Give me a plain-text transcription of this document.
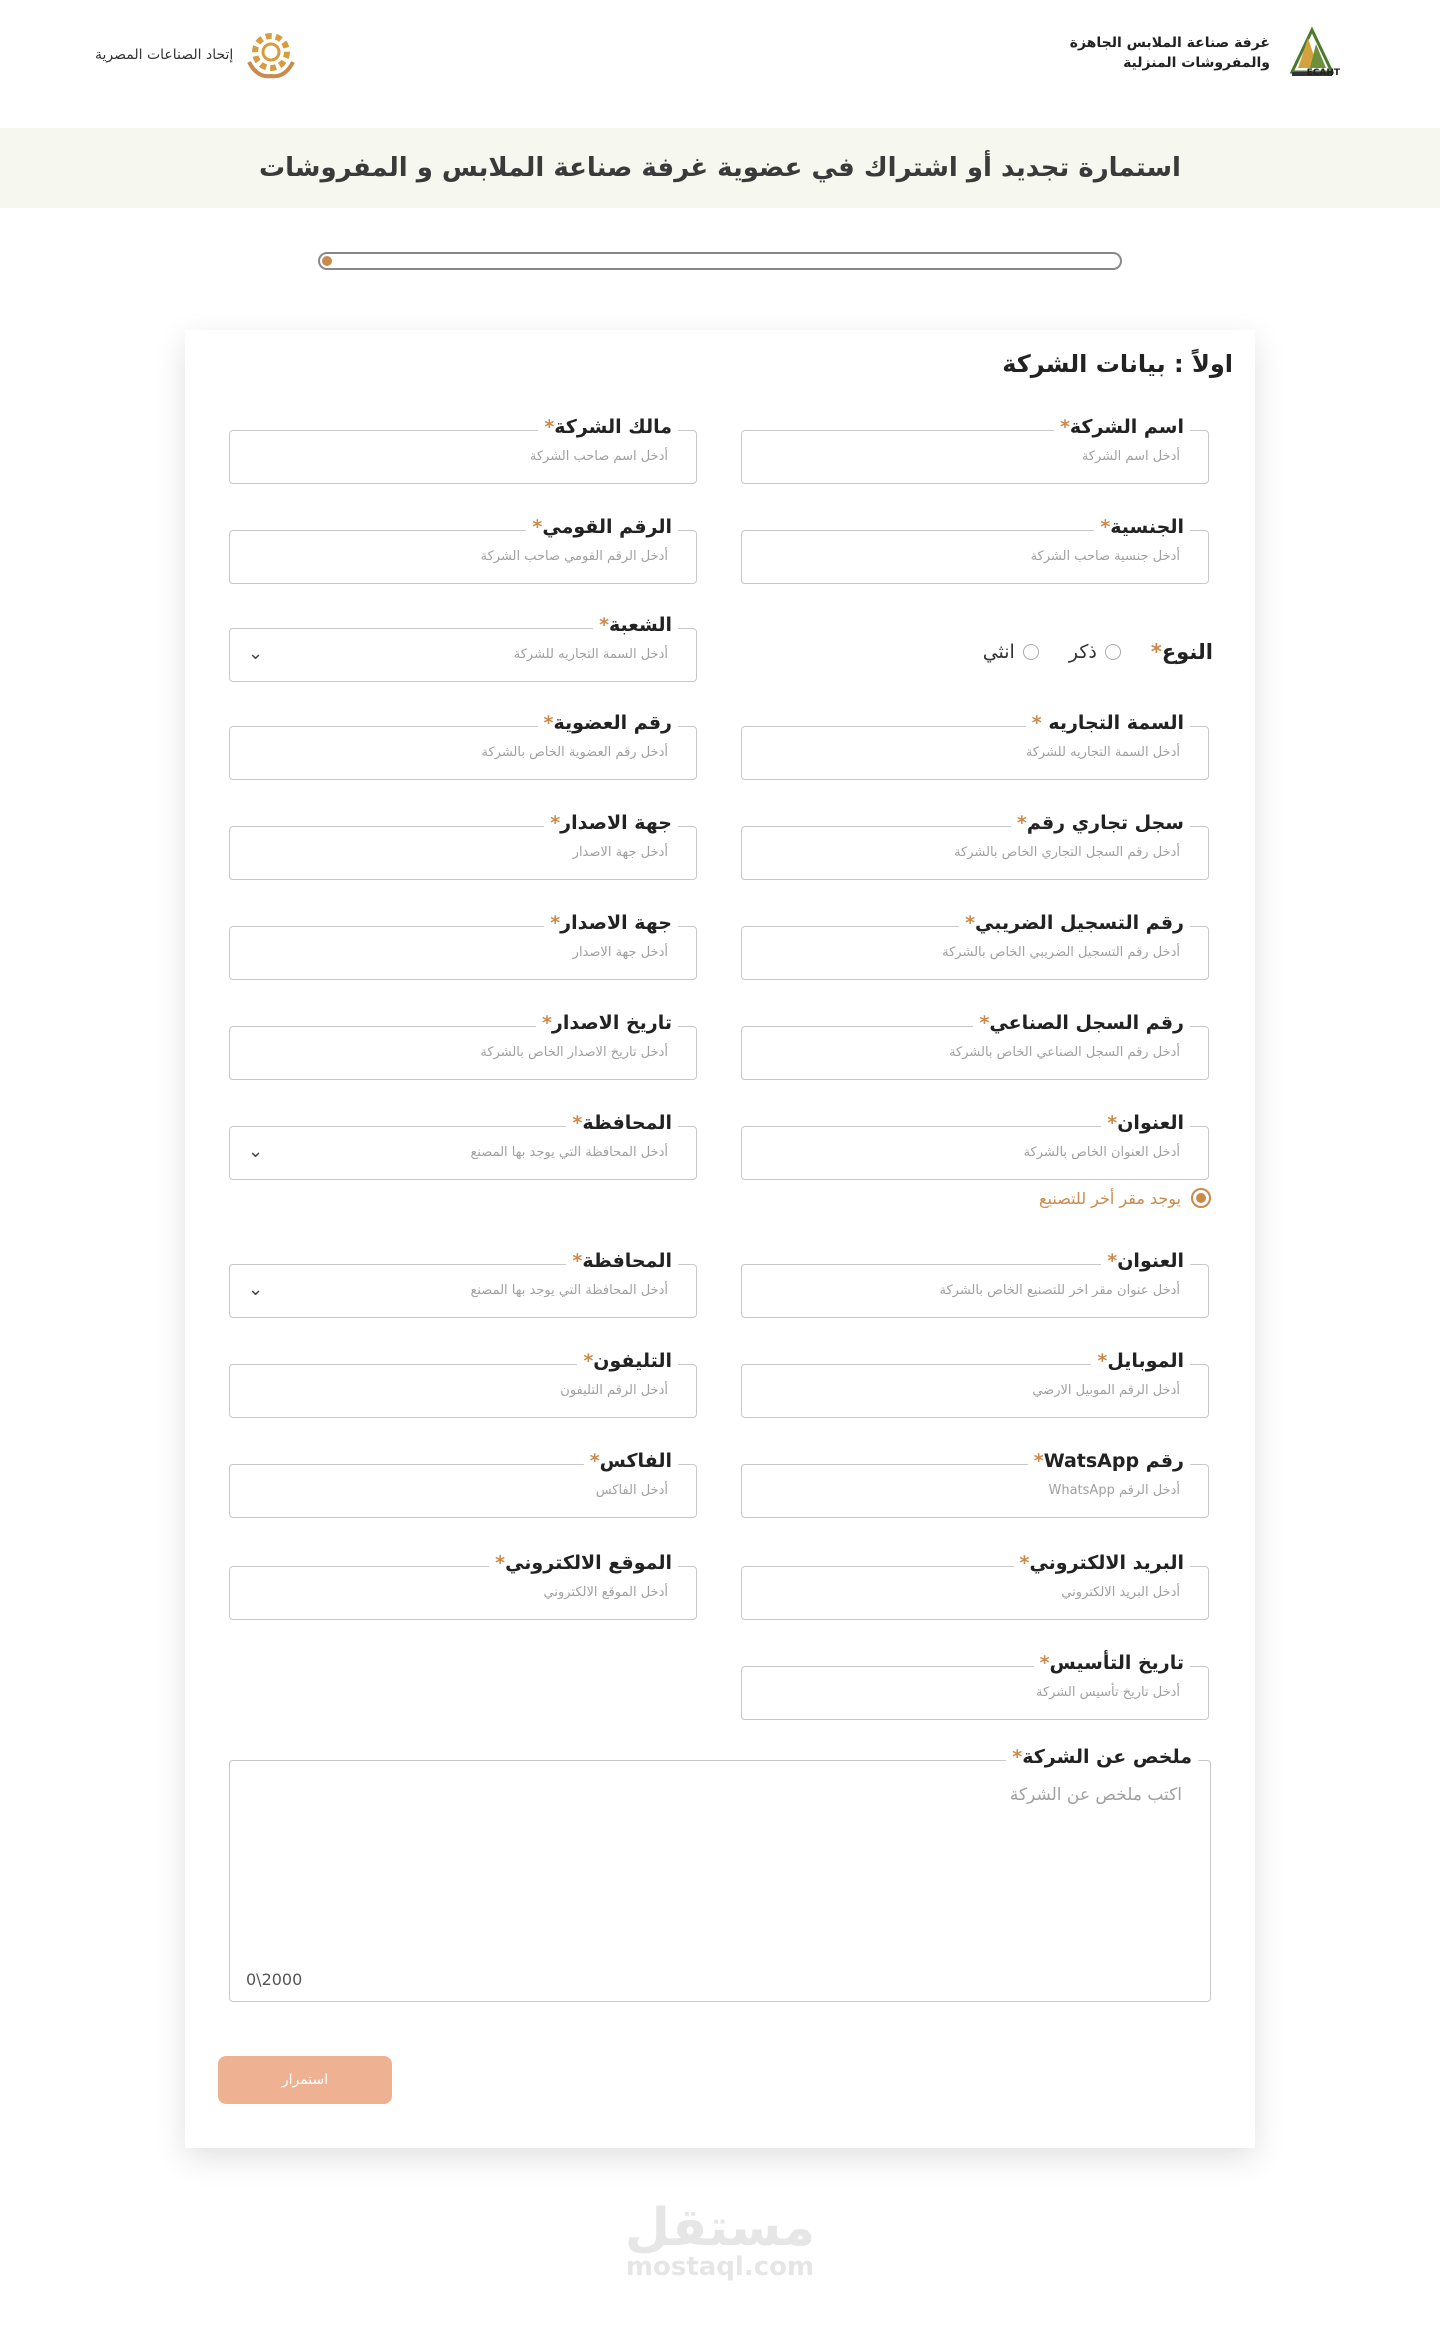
غرفة صناعة الملابس الجاهزة
والمفروشات المنزلية
ECAHT
إتحاد الصناعات المصرية
استمارة تجديد أو اشتراك في عضوية غرفة صناعة الملابس و المفروشات
اولاً : بيانات الشركة
اسم الشركة*
أدخل اسم الشركة
مالك الشركة*
أدخل اسم صاحب الشركة
الجنسية*
أدخل جنسية صاحب الشركة
الرقم القومي*
أدخل الرقم القومي صاحب الشركة
النوع*
ذكر
انثي
الشعبة*
أدخل السمة التجاريه للشركة
⌄
السمة التجاريه *
أدخل السمة التجاريه للشركة
رقم العضوية*
أدخل رقم العضوية الخاص بالشركة
سجل تجاري رقم*
أدخل رقم السجل التجاري الخاص بالشركة
جهة الاصدار*
أدخل جهة الاصدار
رقم التسجيل الضريبي*
أدخل رقم التسجيل الضريبي الخاص بالشركة
جهة الاصدار*
أدخل جهة الاصدار
رقم السجل الصناعي*
أدخل رقم السجل الصناعي الخاص بالشركة
تاريخ الاصدار*
أدخل تاريخ الاصدار الخاص بالشركة
العنوان*
أدخل العنوان الخاص بالشركة
المحافظة*
أدخل المحافظة التي يوجد بها المصنع
⌄
يوجد مقر أخر للتصنيع
العنوان*
أدخل عنوان مقر اخر للتصنيع الخاص بالشركة
المحافظة*
أدخل المحافظة التي يوجد بها المصنع
⌄
الموبايل*
أدخل الرقم الموبيل الارضي
التليفون*
أدخل الرقم التليفون
رقم WatsApp*
أدخل الرقم WhatsApp
الفاكس*
أدخل الفاكس
البريد الالكتروني*
أدخل البريد الالكتروني
الموقع الالكتروني*
أدخل الموقع الالكتروني
تاريخ التأسيس*
أدخل تاريخ تأسيس الشركة
ملخص عن الشركة*
اكتب ملخص عن الشركة
0\2000
استمرار
مستقل
mostaql.com
